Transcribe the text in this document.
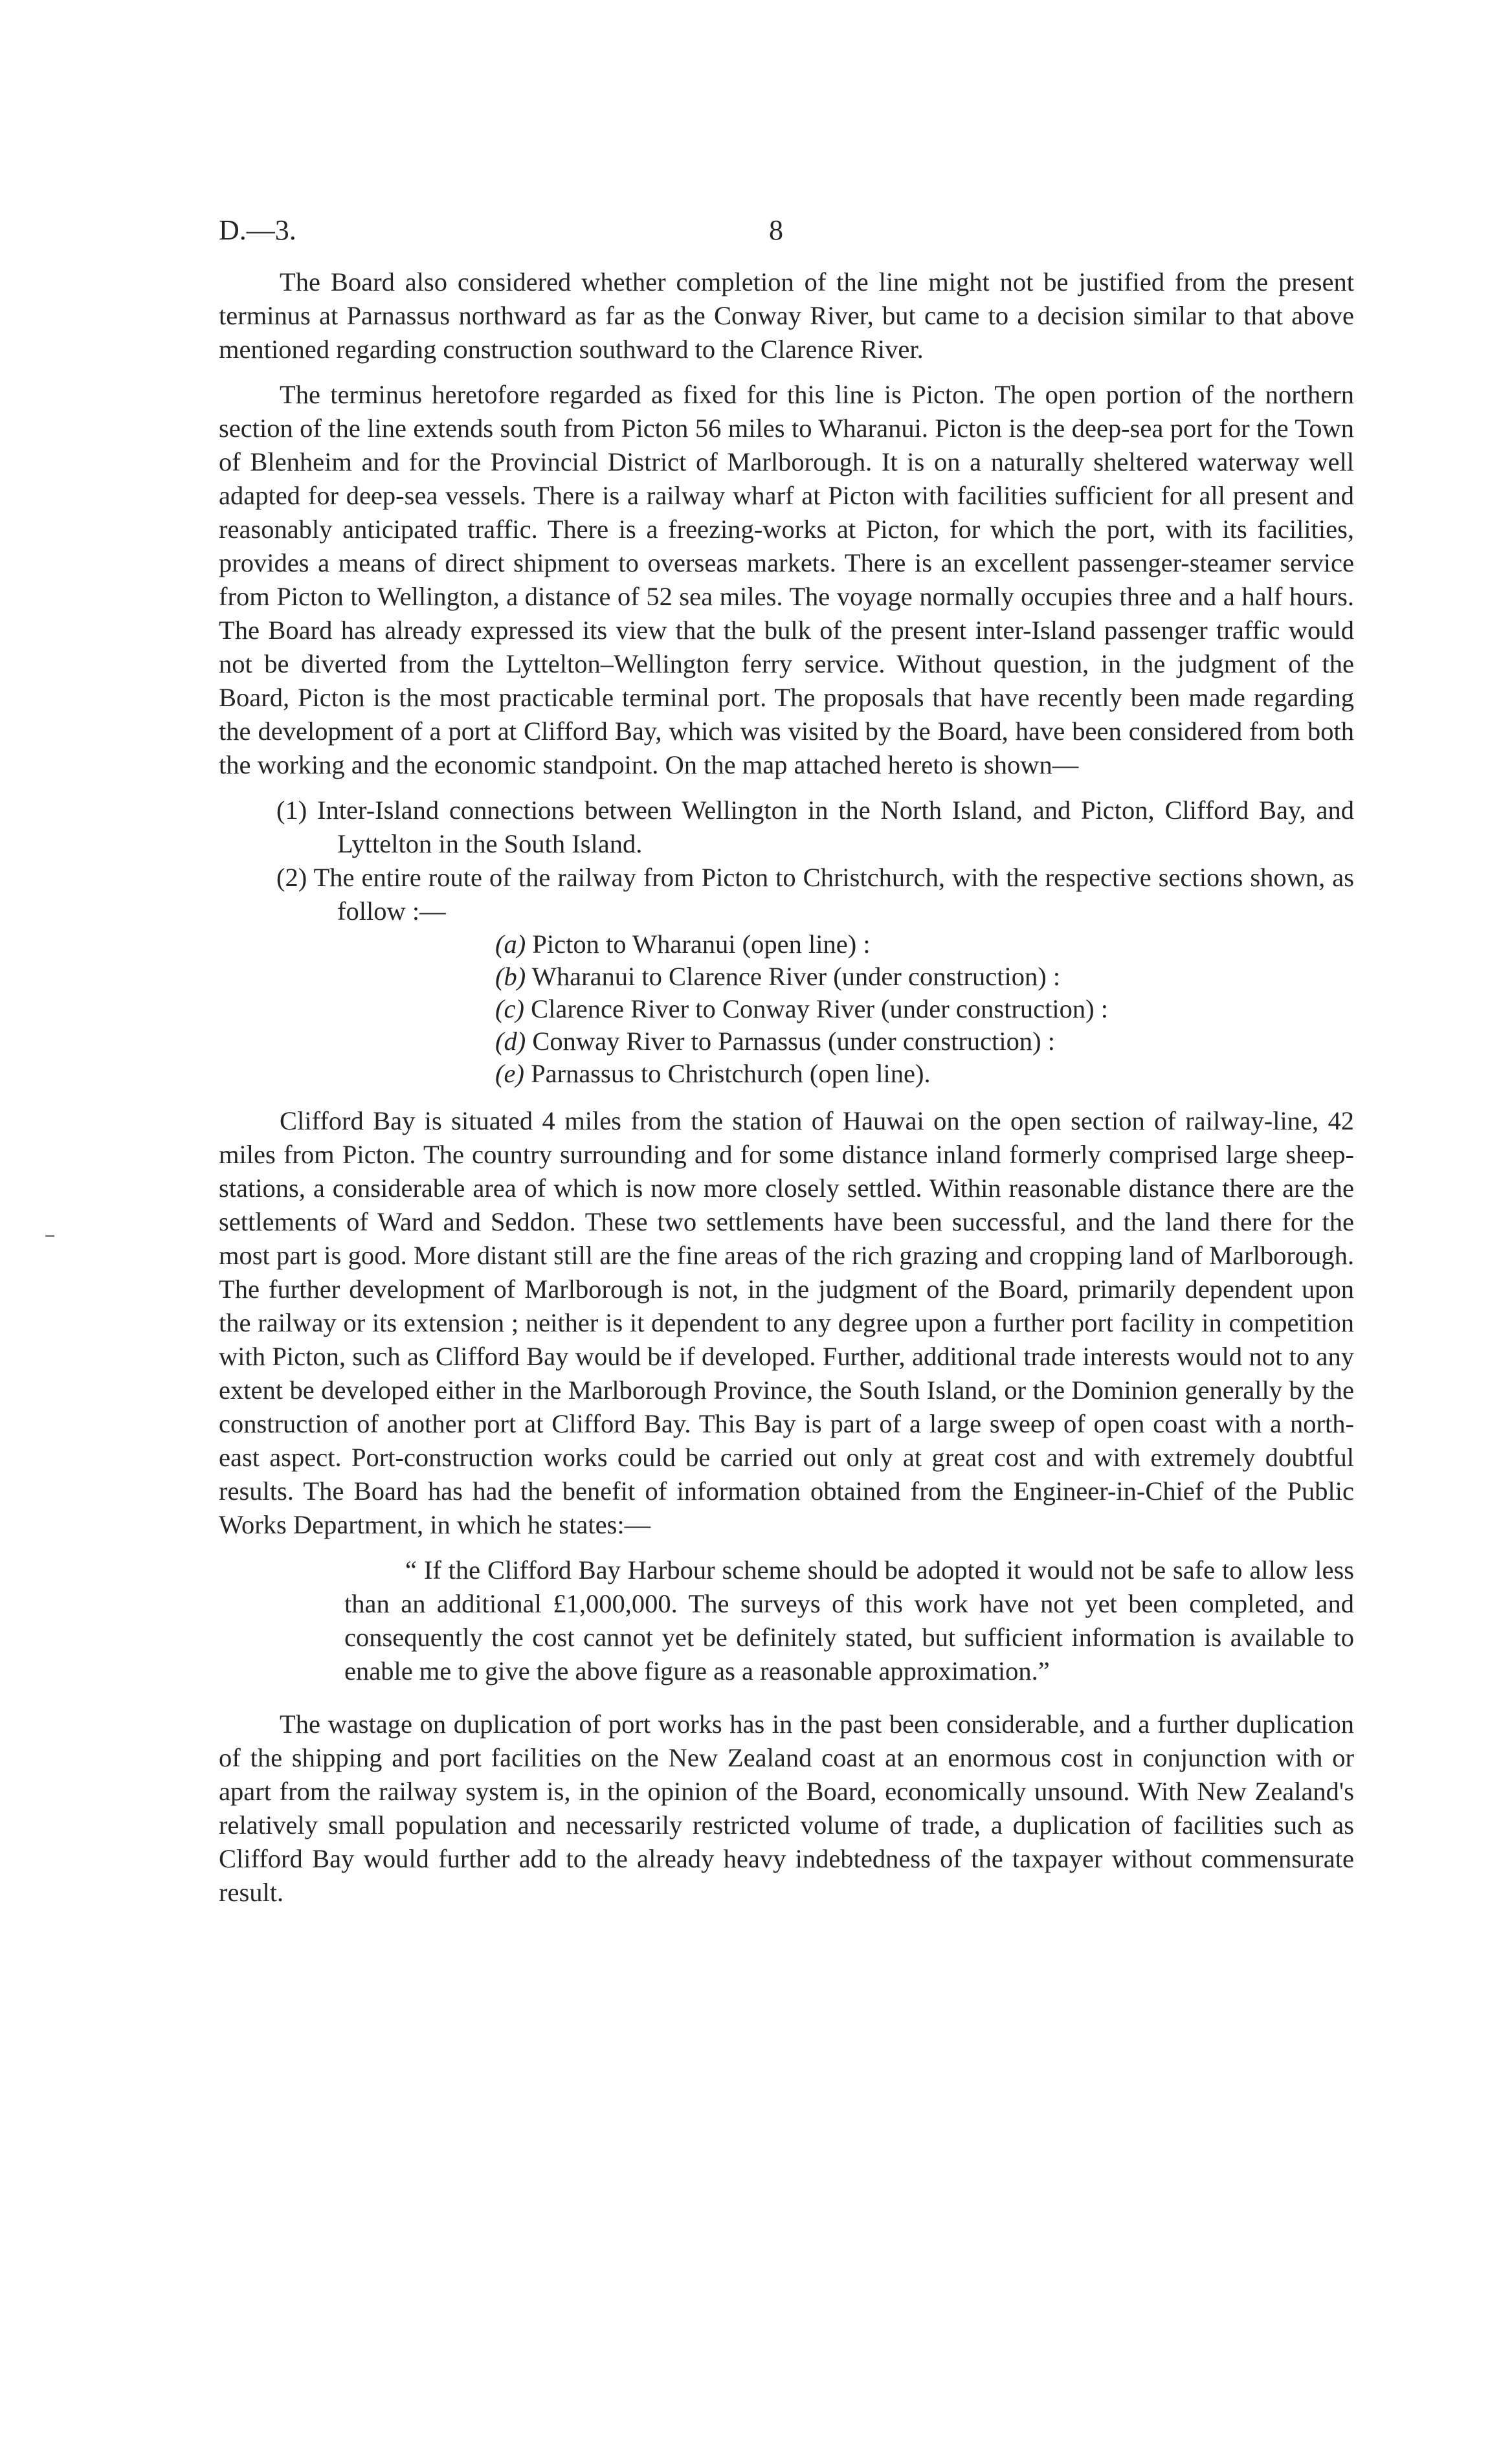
D.—3.	8

The Board also considered whether completion of the line might not be justified from the present terminus at Parnassus northward as far as the Conway River, but came to a decision similar to that above mentioned regarding construction southward to the Clarence River.

The terminus heretofore regarded as fixed for this line is Picton. The open portion of the northern section of the line extends south from Picton 56 miles to Wharanui. Picton is the deep-sea port for the Town of Blenheim and for the Provincial District of Marlborough. It is on a naturally sheltered waterway well adapted for deep-sea vessels. There is a railway wharf at Picton with facilities sufficient for all present and reasonably anticipated traffic. There is a freezing-works at Picton, for which the port, with its facilities, provides a means of direct shipment to overseas markets. There is an excellent passenger-steamer service from Picton to Wellington, a distance of 52 sea miles. The voyage normally occupies three and a half hours. The Board has already expressed its view that the bulk of the present inter-Island passenger traffic would not be diverted from the Lyttelton–Wellington ferry service. Without question, in the judgment of the Board, Picton is the most practicable terminal port. The proposals that have recently been made regarding the development of a port at Clifford Bay, which was visited by the Board, have been considered from both the working and the economic standpoint. On the map attached hereto is shown—

(1) Inter-Island connections between Wellington in the North Island, and Picton, Clifford Bay, and Lyttelton in the South Island.
(2) The entire route of the railway from Picton to Christchurch, with the respective sections shown, as follow :—
(a) Picton to Wharanui (open line) :
(b) Wharanui to Clarence River (under construction) :
(c) Clarence River to Conway River (under construction) :
(d) Conway River to Parnassus (under construction) :
(e) Parnassus to Christchurch (open line).

Clifford Bay is situated 4 miles from the station of Hauwai on the open section of railway-line, 42 miles from Picton. The country surrounding and for some distance inland formerly comprised large sheep-stations, a considerable area of which is now more closely settled. Within reasonable distance there are the settlements of Ward and Seddon. These two settlements have been successful, and the land there for the most part is good. More distant still are the fine areas of the rich grazing and cropping land of Marlborough. The further development of Marlborough is not, in the judgment of the Board, primarily dependent upon the railway or its extension ; neither is it dependent to any degree upon a further port facility in competition with Picton, such as Clifford Bay would be if developed. Further, additional trade interests would not to any extent be developed either in the Marlborough Province, the South Island, or the Dominion generally by the construction of another port at Clifford Bay. This Bay is part of a large sweep of open coast with a north-east aspect. Port-construction works could be carried out only at great cost and with extremely doubtful results. The Board has had the benefit of information obtained from the Engineer-in-Chief of the Public Works Department, in which he states:—

“ If the Clifford Bay Harbour scheme should be adopted it would not be safe to allow less than an additional £1,000,000. The surveys of this work have not yet been completed, and consequently the cost cannot yet be definitely stated, but sufficient information is available to enable me to give the above figure as a reasonable approximation.”

The wastage on duplication of port works has in the past been considerable, and a further duplication of the shipping and port facilities on the New Zealand coast at an enormous cost in conjunction with or apart from the railway system is, in the opinion of the Board, economically unsound. With New Zealand's relatively small population and necessarily restricted volume of trade, a duplication of facilities such as Clifford Bay would further add to the already heavy indebtedness of the taxpayer without commensurate result.
